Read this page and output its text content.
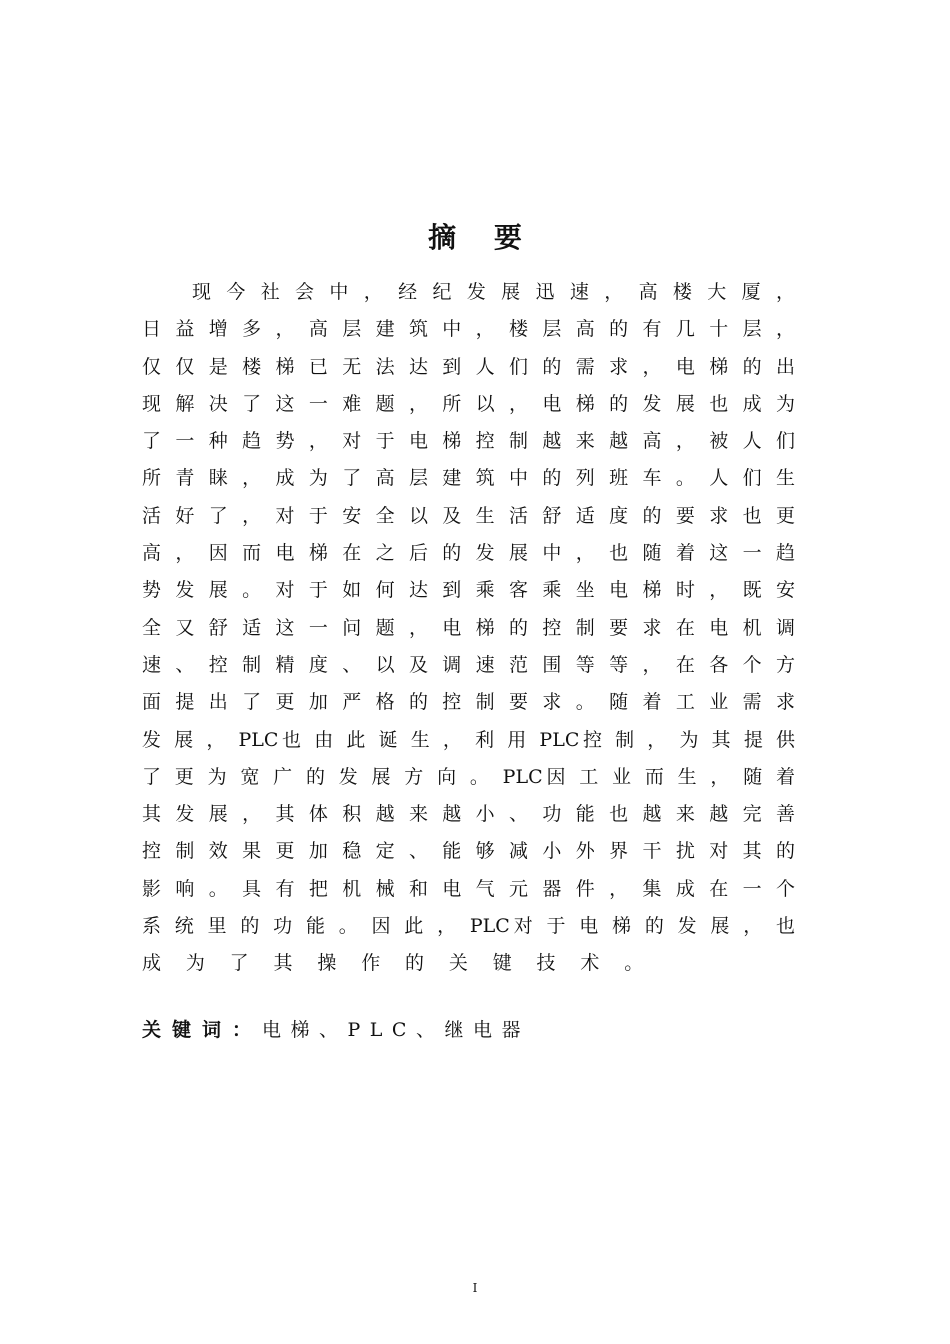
摘 要
现 今 社 会 中 ， 经 纪 发 展 迅 速 ， 高 楼 大 厦 ，
日 益 增 多 ， 高 层 建 筑 中 ， 楼 层 高 的 有 几 十 层 ，
仅 仅 是 楼 梯 已 无 法 达 到 人 们 的 需 求 ， 电 梯 的 出
现 解 决 了 这 一 难 题 ， 所 以 ， 电 梯 的 发 展 也 成 为
了 一 种 趋 势 ， 对 于 电 梯 控 制 越 来 越 高 ， 被 人 们
所 青 睐 ， 成 为 了 高 层 建 筑 中 的 列 班 车 。 人 们 生
活 好 了 ， 对 于 安 全 以 及 生 活 舒 适 度 的 要 求 也 更
高 ， 因 而 电 梯 在 之 后 的 发 展 中 ， 也 随 着 这 一 趋
势 发 展 。 对 于 如 何 达 到 乘 客 乘 坐 电 梯 时 ， 既 安
全 又 舒 适 这 一 问 题 ， 电 梯 的 控 制 要 求 在 电 机 调
速 、 控 制 精 度 、 以 及 调 速 范 围 等 等 ， 在 各 个 方
面 提 出 了 更 加 严 格 的 控 制 要 求 。 随 着 工 业 需 求
发 展 ， PLC也 由 此 诞 生 ， 利 用 PLC控 制 ， 为 其 提 供
了 更 为 宽 广 的 发 展 方 向 。 PLC因 工 业 而 生 ， 随 着
其 发 展 ， 其 体 积 越 来 越 小 、 功 能 也 越 来 越 完 善
控 制 效 果 更 加 稳 定 、 能 够 减 小 外 界 干 扰 对 其 的
影 响 。 具 有 把 机 械 和 电 气 元 器 件 ， 集 成 在 一 个
系 统 里 的 功 能 。 因 此 ， PLC对 于 电 梯 的 发 展 ， 也
成 为 了 其 操 作 的 关 键 技 术 。
关键词：电梯、PLC、继电器
I
